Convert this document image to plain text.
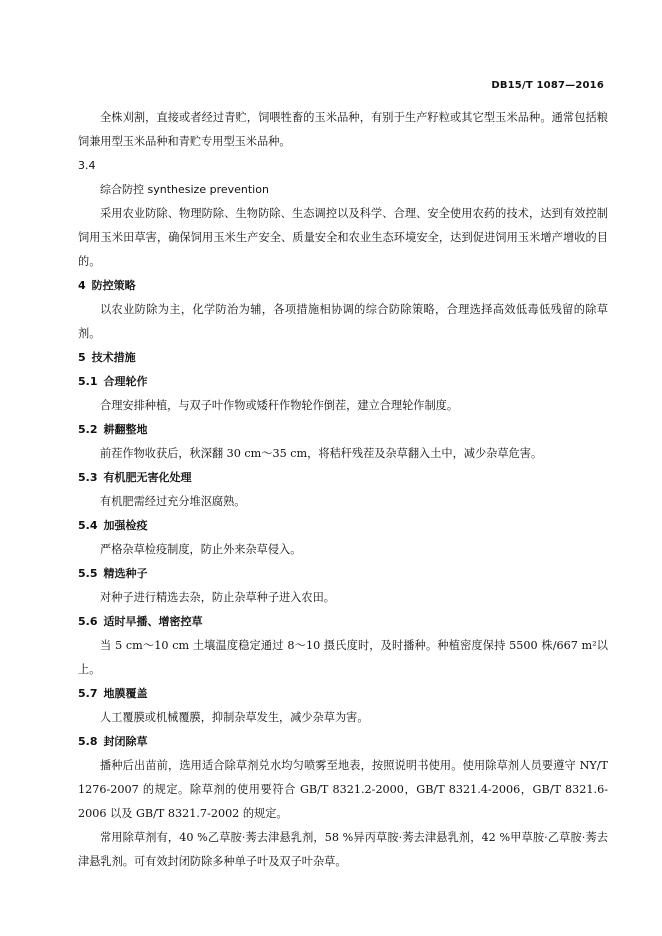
DB15/T 1087—2016

全株刈割，直接或者经过青贮，饲喂牲畜的玉米品种，有别于生产籽粒或其它型玉米品种。通常包括粮饲兼用型玉米品种和青贮专用型玉米品种。

3.4

综合防控 synthesize prevention

采用农业防除、物理防除、生物防除、生态调控以及科学、合理、安全使用农药的技术，达到有效控制饲用玉米田草害，确保饲用玉米生产安全、质量安全和农业生态环境安全，达到促进饲用玉米增产增收的目的。

4 防控策略

以农业防除为主，化学防治为辅，各项措施相协调的综合防除策略，合理选择高效低毒低残留的除草剂。

5 技术措施

5.1 合理轮作

合理安排种植，与双子叶作物或矮秆作物轮作倒茬，建立合理轮作制度。

5.2 耕翻整地

前茬作物收获后，秋深翻 30 cm～35 cm，将秸秆残茬及杂草翻入土中，减少杂草危害。

5.3 有机肥无害化处理

有机肥需经过充分堆沤腐熟。

5.4 加强检疫

严格杂草检疫制度，防止外来杂草侵入。

5.5 精选种子

对种子进行精选去杂，防止杂草种子进入农田。

5.6 适时早播、增密控草

当 5 cm～10 cm 土壤温度稳定通过 8～10 摄氏度时，及时播种。种植密度保持 5500 株/667 m²以上。

5.7 地膜覆盖

人工覆膜或机械覆膜，抑制杂草发生，减少杂草为害。

5.8 封闭除草

播种后出苗前，选用适合除草剂兑水均匀喷雾至地表，按照说明书使用。使用除草剂人员要遵守 NY/T 1276-2007 的规定。除草剂的使用要符合 GB/T 8321.2-2000，GB/T 8321.4-2006，GB/T 8321.6-2006 以及 GB/T 8321.7-2002 的规定。

常用除草剂有，40 %乙草胺·莠去津悬乳剂，58 %异丙草胺·莠去津悬乳剂，42 %甲草胺·乙草胺·莠去津悬乳剂。可有效封闭防除多种单子叶及双子叶杂草。
